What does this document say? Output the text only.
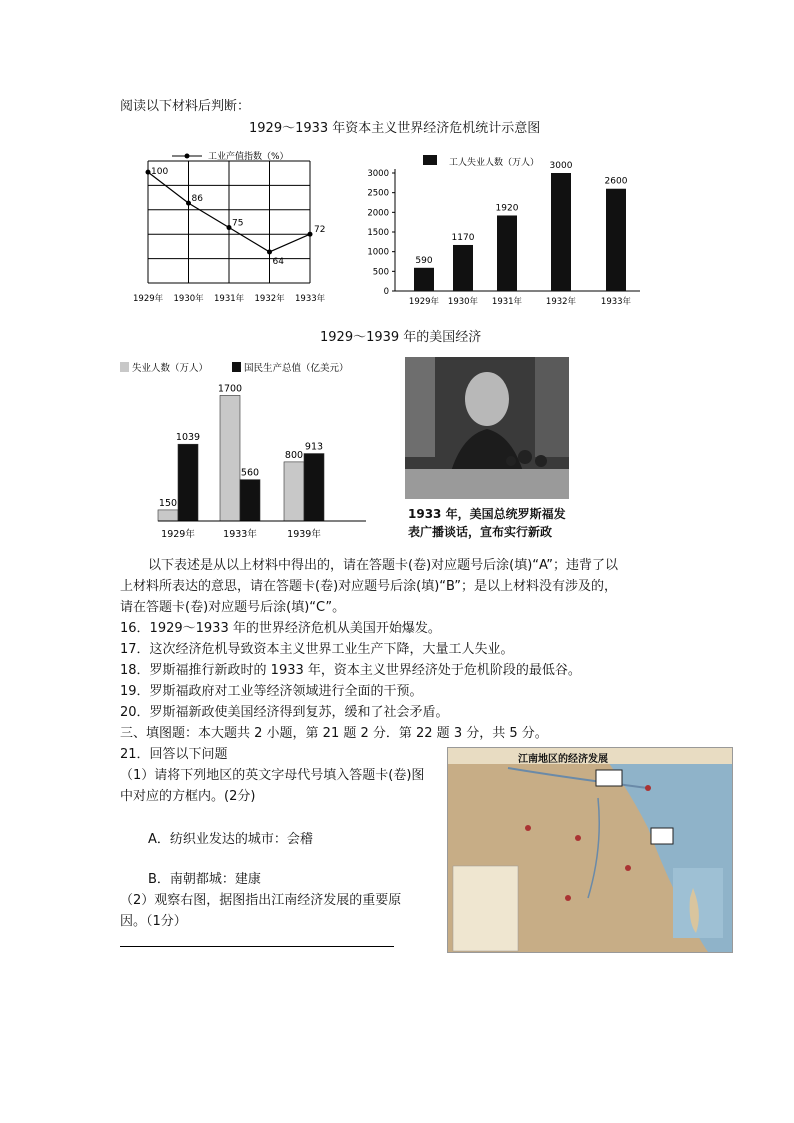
阅读以下材料后判断：
1929～1933 年资本主义世界经济危机统计示意图
工业产值指数（%）
100
1929年
86
1930年
75
1931年
64
1932年
72
1933年
工人失业人数（万人）
0
500
1000
1500
2000
2500
3000
590
1929年
1170
1930年
1920
1931年
3000
1932年
2600
1933年
1929～1939 年的美国经济
失业人数（万人）	国民生产总值（亿美元）
150
1039
1700
560
800
913
1929年	1933年	1939年
1933 年，美国总统罗斯福发
表广播谈话，宣布实行新政
以下表述是从以上材料中得出的，请在答题卡(卷)对应题号后涂(填)“A”；违背了以
上材料所表达的意思，请在答题卡(卷)对应题号后涂(填)“B”；是以上材料没有涉及的，
请在答题卡(卷)对应题号后涂(填)“C”。
16．1929～1933 年的世界经济危机从美国开始爆发。
17．这次经济危机导致资本主义世界工业生产下降，大量工人失业。
18．罗斯福推行新政时的 1933 年，资本主义世界经济处于危机阶段的最低谷。
19．罗斯福政府对工业等经济领域进行全面的干预。
20．罗斯福新政使美国经济得到复苏，缓和了社会矛盾。
三、填图题：本大题共 2 小题，第 21 题 2 分．第 22 题 3 分，共 5 分。
21．回答以下问题
（1）请将下列地区的英文字母代号填入答题卡(卷)图
中对应的方框内。(2分)
A．纺织业发达的城市：会稽
B．南朝都城：建康
（2）观察右图，据图指出江南经济发展的重要原
因。（1分）
江南地区的经济发展
